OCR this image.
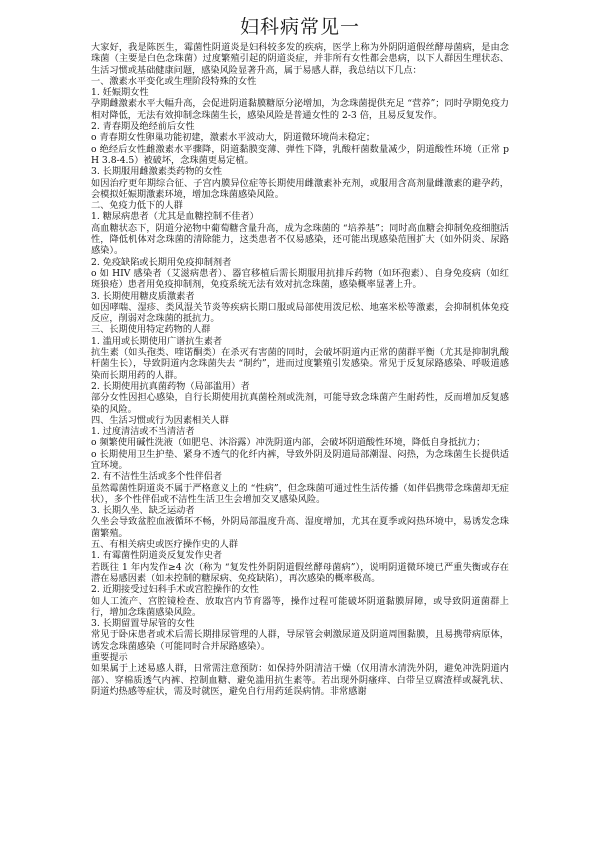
妇科病常见一
大家好，我是陈医生，霉菌性阴道炎是妇科较多发的疾病，医学上称为外阴阴道假丝酵母菌病，是由念珠菌（主要是白色念珠菌）过度繁殖引起的阴道炎症，并非所有女性都会患病，以下人群因生理状态、生活习惯或基础健康问题，感染风险显著升高，属于易感人群，我总结以下几点：
一、激素水平变化或生理阶段特殊的女性
1. 妊娠期女性
孕期雌激素水平大幅升高，会促进阴道黏膜糖原分泌增加，为念珠菌提供充足 “营养”；同时孕期免疫力相对降低，无法有效抑制念珠菌生长，感染风险是普通女性的 2-3 倍，且易反复发作。
2. 青春期及绝经前后女性
o 青春期女性卵巢功能初建，激素水平波动大，阴道微环境尚未稳定；
o 绝经后女性雌激素水平骤降，阴道黏膜变薄、弹性下降，乳酸杆菌数量减少，阴道酸性环境（正常 pH 3.8-4.5）被破坏，念珠菌更易定植。
3. 长期服用雌激素类药物的女性
如因治疗更年期综合征、子宫内膜异位症等长期使用雌激素补充剂，或服用含高剂量雌激素的避孕药，会模拟妊娠期激素环境，增加念珠菌感染风险。
二、免疫力低下的人群
1. 糖尿病患者（尤其是血糖控制不佳者）
高血糖状态下，阴道分泌物中葡萄糖含量升高，成为念珠菌的 “培养基”；同时高血糖会抑制免疫细胞活性，降低机体对念珠菌的清除能力，这类患者不仅易感染，还可能出现感染范围扩大（如外阴炎、尿路感染）。
2. 免疫缺陷或长期用免疫抑制剂者
o 如 HIV 感染者（艾滋病患者）、器官移植后需长期服用抗排斥药物（如环孢素）、自身免疫病（如红斑狼疮）患者用免疫抑制剂，免疫系统无法有效对抗念珠菌，感染概率显著上升。
3. 长期使用糖皮质激素者
如因哮喘、湿疹、类风湿关节炎等疾病长期口服或局部使用泼尼松、地塞米松等激素，会抑制机体免疫反应，削弱对念珠菌的抵抗力。
三、长期使用特定药物的人群
1. 滥用或长期使用广谱抗生素者
抗生素（如头孢类、喹诺酮类）在杀灭有害菌的同时，会破坏阴道内正常的菌群平衡（尤其是抑制乳酸杆菌生长），导致阴道内念珠菌失去 “制约”，进而过度繁殖引发感染。常见于反复尿路感染、呼吸道感染而长期用药的人群。
2. 长期使用抗真菌药物（局部滥用）者
部分女性因担心感染，自行长期使用抗真菌栓剂或洗剂，可能导致念珠菌产生耐药性，反而增加反复感染的风险。
四、生活习惯或行为因素相关人群
1. 过度清洁或不当清洁者
o 频繁使用碱性洗液（如肥皂、沐浴露）冲洗阴道内部，会破坏阴道酸性环境，降低自身抵抗力；
o 长期使用卫生护垫、紧身不透气的化纤内裤，导致外阴及阴道局部潮湿、闷热，为念珠菌生长提供适宜环境。
2. 有不洁性生活或多个性伴侣者
虽然霉菌性阴道炎不属于严格意义上的 “性病”，但念珠菌可通过性生活传播（如伴侣携带念珠菌却无症状），多个性伴侣或不洁性生活卫生会增加交叉感染风险。
3. 长期久坐、缺乏运动者
久坐会导致盆腔血液循环不畅，外阴局部温度升高、湿度增加，尤其在夏季或闷热环境中，易诱发念珠菌繁殖。
五、有相关病史或医疗操作史的人群
1. 有霉菌性阴道炎反复发作史者
若既往 1 年内发作≥4 次（称为 “复发性外阴阴道假丝酵母菌病”），说明阴道微环境已严重失衡或存在潜在易感因素（如未控制的糖尿病、免疫缺陷），再次感染的概率极高。
2. 近期接受过妇科手术或宫腔操作的女性
如人工流产、宫腔镜检查、放取宫内节育器等，操作过程可能破坏阴道黏膜屏障，或导致阴道菌群上行，增加念珠菌感染风险。
3. 长期留置导尿管的女性
常见于卧床患者或术后需长期排尿管理的人群，导尿管会刺激尿道及阴道周围黏膜，且易携带病原体，诱发念珠菌感染（可能同时合并尿路感染）。
重要提示
如果属于上述易感人群，日常需注意预防：如保持外阴清洁干燥（仅用清水清洗外阴，避免冲洗阴道内部）、穿棉质透气内裤、控制血糖、避免滥用抗生素等。若出现外阴瘙痒、白带呈豆腐渣样或凝乳状、阴道灼热感等症状，需及时就医，避免自行用药延误病情。非常感谢
